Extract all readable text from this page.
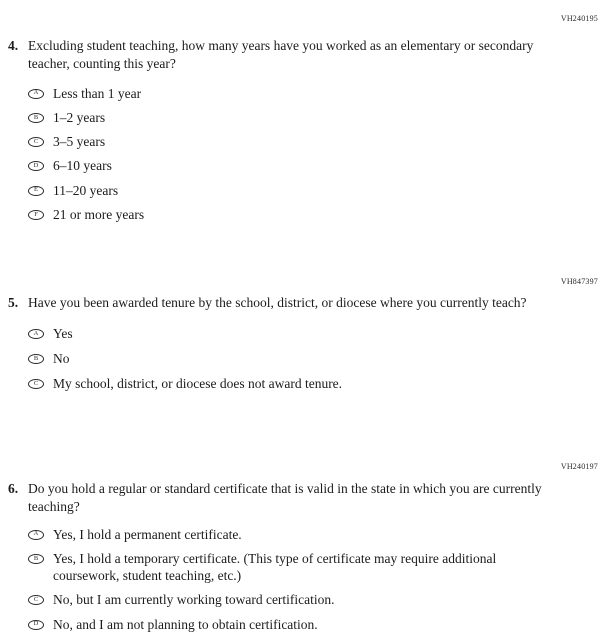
VH240195
4. Excluding student teaching, how many years have you worked as an elementary or secondary teacher, counting this year?
A	Less than 1 year
B	1–2 years
C	3–5 years
D	6–10 years
E	11–20 years
F	21 or more years
VH847397
5. Have you been awarded tenure by the school, district, or diocese where you currently teach?
A	Yes
B	No
C	My school, district, or diocese does not award tenure.
VH240197
6. Do you hold a regular or standard certificate that is valid in the state in which you are currently teaching?
A	Yes, I hold a permanent certificate.
B	Yes, I hold a temporary certificate. (This type of certificate may require additional coursework, student teaching, etc.)
C	No, but I am currently working toward certification.
D	No, and I am not planning to obtain certification.
